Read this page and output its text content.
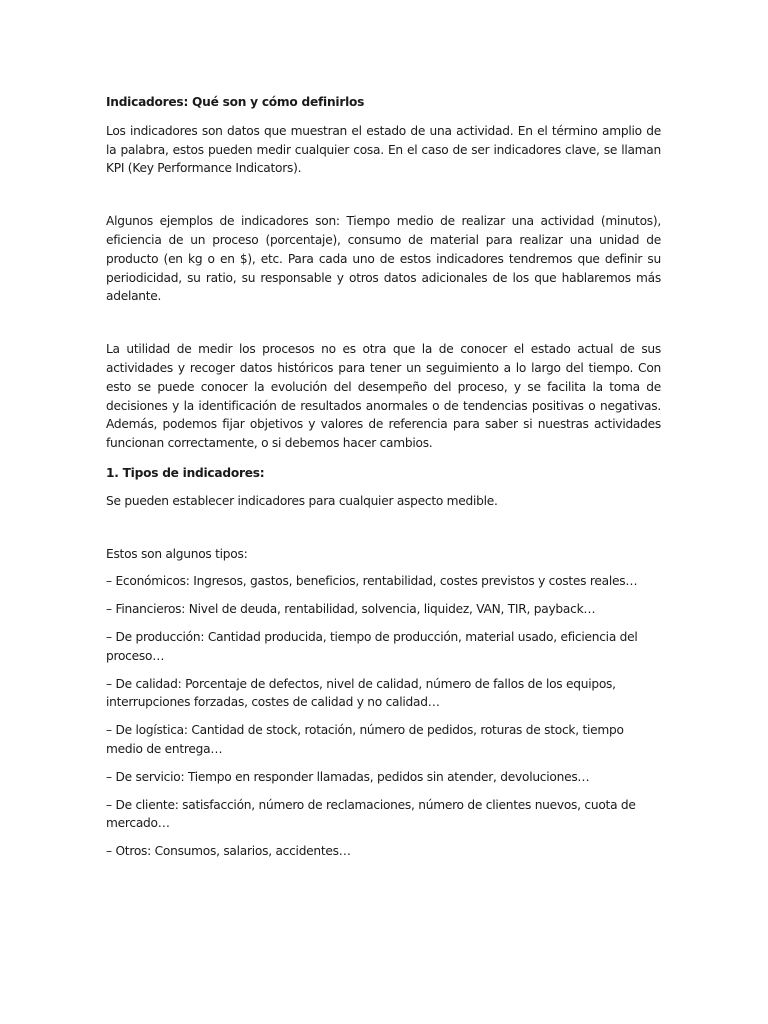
Indicadores: Qué son y cómo definirlos

Los indicadores son datos que muestran el estado de una actividad. En el término amplio de la palabra, estos pueden medir cualquier cosa. En el caso de ser indicadores clave, se llaman KPI (Key Performance Indicators).

Algunos ejemplos de indicadores son: Tiempo medio de realizar una actividad (minutos), eficiencia de un proceso (porcentaje), consumo de material para realizar una unidad de producto (en kg o en $), etc. Para cada uno de estos indicadores tendremos que definir su periodicidad, su ratio, su responsable y otros datos adicionales de los que hablaremos más adelante.

La utilidad de medir los procesos no es otra que la de conocer el estado actual de sus actividades y recoger datos históricos para tener un seguimiento a lo largo del tiempo. Con esto se puede conocer la evolución del desempeño del proceso, y se facilita la toma de decisiones y la identificación de resultados anormales o de tendencias positivas o negativas. Además, podemos fijar objetivos y valores de referencia para saber si nuestras actividades funcionan correctamente, o si debemos hacer cambios.

1. Tipos de indicadores:

Se pueden establecer indicadores para cualquier aspecto medible.

Estos son algunos tipos:

– Económicos: Ingresos, gastos, beneficios, rentabilidad, costes previstos y costes reales…

– Financieros: Nivel de deuda, rentabilidad, solvencia, liquidez, VAN, TIR, payback…

– De producción: Cantidad producida, tiempo de producción, material usado, eficiencia del proceso…

– De calidad: Porcentaje de defectos, nivel de calidad, número de fallos de los equipos, interrupciones forzadas, costes de calidad y no calidad…

– De logística: Cantidad de stock, rotación, número de pedidos, roturas de stock, tiempo medio de entrega…

– De servicio: Tiempo en responder llamadas, pedidos sin atender, devoluciones…

– De cliente: satisfacción, número de reclamaciones, número de clientes nuevos, cuota de mercado…

– Otros: Consumos, salarios, accidentes…
